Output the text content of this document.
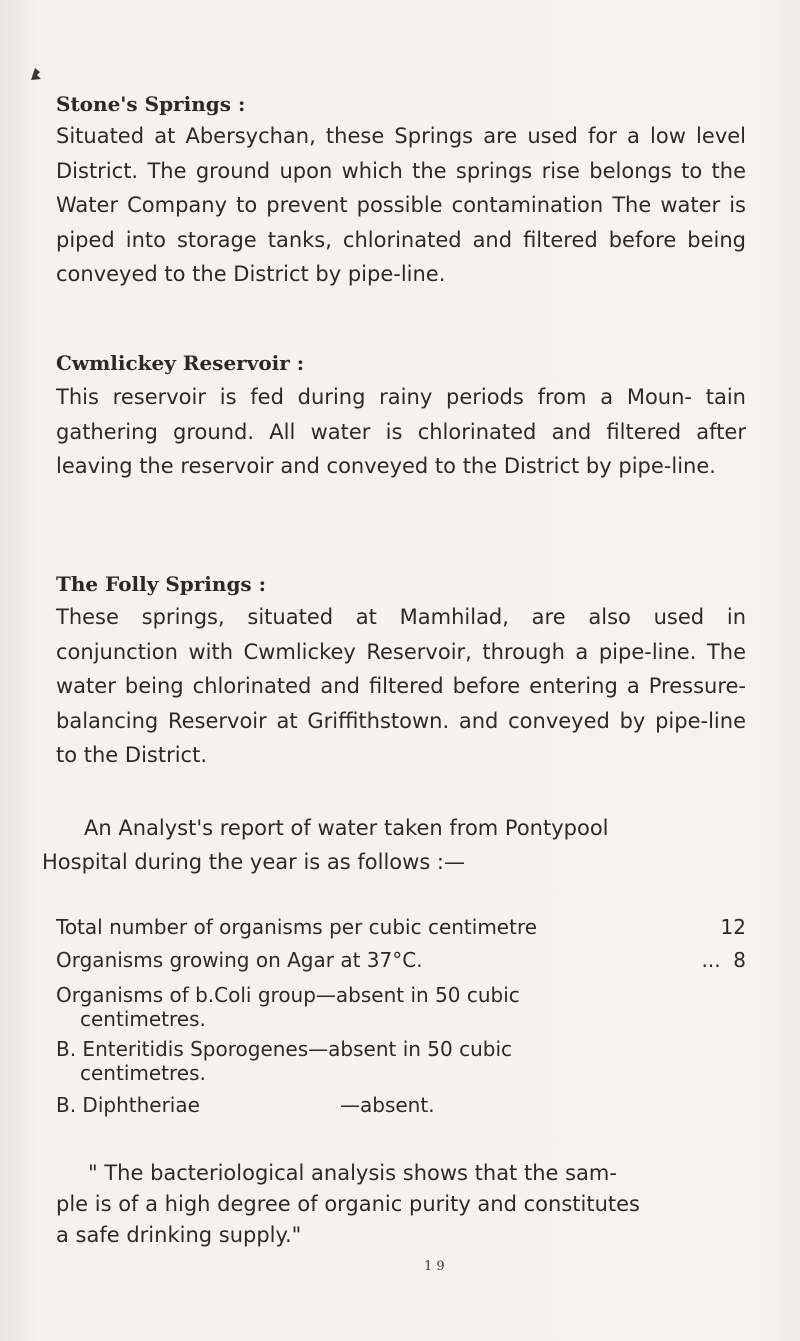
Stone's Springs :
Situated at Abersychan, these Springs are used for a low level District. The ground upon which the springs rise belongs to the Water Company to prevent possible contamination The water is piped into storage tanks, chlorinated and filtered before being conveyed to the District by pipe-line.
Cwmlickey Reservoir :
This reservoir is fed during rainy periods from a Moun- tain gathering ground. All water is chlorinated and filtered after leaving the reservoir and conveyed to the District by pipe-line.
The Folly Springs :
These springs, situated at Mamhilad, are also used in conjunction with Cwmlickey Reservoir, through a pipe-line. The water being chlorinated and filtered before entering a Pressure-balancing Reservoir at Griffithstown. and conveyed by pipe-line to the District.
An Analyst's report of water taken from Pontypool
Hospital during the year is as follows :—
Total number of organisms per cubic centimetre	12
Organisms growing on Agar at 37°C.	...  8
Organisms of b.Coli group—absent in 50 cubic
centimetres.
B. Enteritidis Sporogenes—absent in 50 cubic
centimetres.
B. Diphtheriae	—absent.
" The bacteriological analysis shows that the sam-
ple is of a high degree of organic purity and constitutes
a safe drinking supply."
1 9
